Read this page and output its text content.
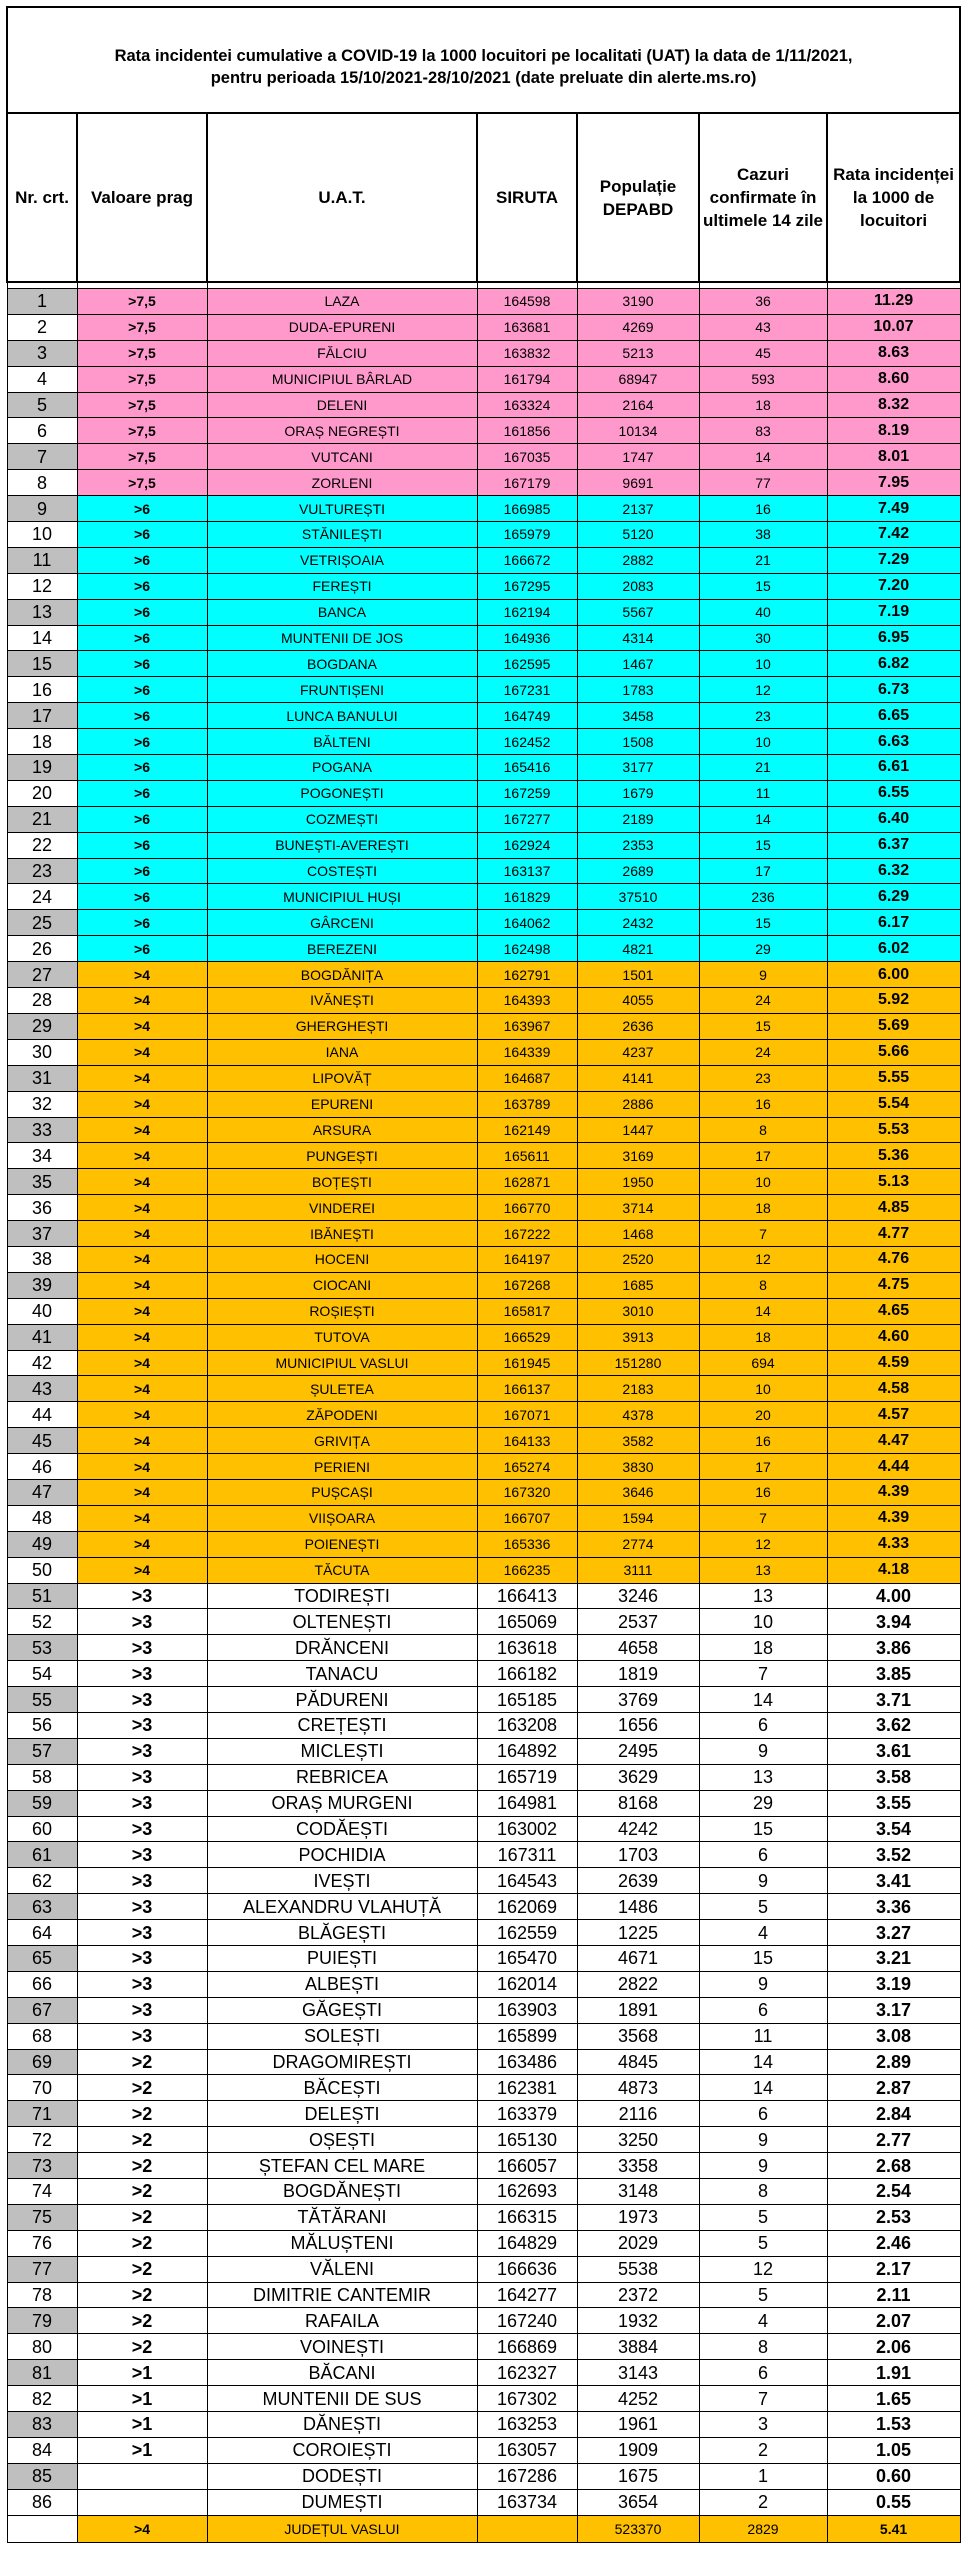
Rata incidentei cumulative a COVID-19 la 1000 locuitori pe localitati (UAT) la data de 1/11/2021,
pentru perioada 15/10/2021-28/10/2021 (date preluate din alerte.ms.ro)						

Nr. crt.	Valoare prag	U.A.T.	SIRUTA	Populație DEPABD	Cazuri confirmate în ultimele 14 zile	Rata incidenței la 1000 de locuitori

1	>7,5	LAZA	164598	3190	36	11.29
2	>7,5	DUDA-EPURENI	163681	4269	43	10.07
3	>7,5	FĂLCIU	163832	5213	45	8.63
4	>7,5	MUNICIPIUL BÂRLAD	161794	68947	593	8.60
5	>7,5	DELENI	163324	2164	18	8.32
6	>7,5	ORAȘ NEGREȘTI	161856	10134	83	8.19
7	>7,5	VUTCANI	167035	1747	14	8.01
8	>7,5	ZORLENI	167179	9691	77	7.95
9	>6	VULTUREȘTI	166985	2137	16	7.49
10	>6	STĂNILEȘTI	165979	5120	38	7.42
11	>6	VETRIȘOAIA	166672	2882	21	7.29
12	>6	FEREȘTI	167295	2083	15	7.20
13	>6	BANCA	162194	5567	40	7.19
14	>6	MUNTENII DE JOS	164936	4314	30	6.95
15	>6	BOGDANA	162595	1467	10	6.82
16	>6	FRUNTIȘENI	167231	1783	12	6.73
17	>6	LUNCA BANULUI	164749	3458	23	6.65
18	>6	BĂLTENI	162452	1508	10	6.63
19	>6	POGANA	165416	3177	21	6.61
20	>6	POGONEȘTI	167259	1679	11	6.55
21	>6	COZMEȘTI	167277	2189	14	6.40
22	>6	BUNEȘTI-AVEREȘTI	162924	2353	15	6.37
23	>6	COSTEȘTI	163137	2689	17	6.32
24	>6	MUNICIPIUL HUȘI	161829	37510	236	6.29
25	>6	GÂRCENI	164062	2432	15	6.17
26	>6	BEREZENI	162498	4821	29	6.02
27	>4	BOGDĂNIȚA	162791	1501	9	6.00
28	>4	IVĂNEȘTI	164393	4055	24	5.92
29	>4	GHERGHEȘTI	163967	2636	15	5.69
30	>4	IANA	164339	4237	24	5.66
31	>4	LIPOVĂȚ	164687	4141	23	5.55
32	>4	EPURENI	163789	2886	16	5.54
33	>4	ARSURA	162149	1447	8	5.53
34	>4	PUNGEȘTI	165611	3169	17	5.36
35	>4	BOȚEȘTI	162871	1950	10	5.13
36	>4	VINDEREI	166770	3714	18	4.85
37	>4	IBĂNEȘTI	167222	1468	7	4.77
38	>4	HOCENI	164197	2520	12	4.76
39	>4	CIOCANI	167268	1685	8	4.75
40	>4	ROȘIEȘTI	165817	3010	14	4.65
41	>4	TUTOVA	166529	3913	18	4.60
42	>4	MUNICIPIUL VASLUI	161945	151280	694	4.59
43	>4	ȘULETEA	166137	2183	10	4.58
44	>4	ZĂPODENI	167071	4378	20	4.57
45	>4	GRIVIȚA	164133	3582	16	4.47
46	>4	PERIENI	165274	3830	17	4.44
47	>4	PUȘCAȘI	167320	3646	16	4.39
48	>4	VIIȘOARA	166707	1594	7	4.39
49	>4	POIENEȘTI	165336	2774	12	4.33
50	>4	TĂCUTA	166235	3111	13	4.18
51	>3	TODIREȘTI	166413	3246	13	4.00
52	>3	OLTENEȘTI	165069	2537	10	3.94
53	>3	DRĂNCENI	163618	4658	18	3.86
54	>3	TANACU	166182	1819	7	3.85
55	>3	PĂDURENI	165185	3769	14	3.71
56	>3	CREȚEȘTI	163208	1656	6	3.62
57	>3	MICLEȘTI	164892	2495	9	3.61
58	>3	REBRICEA	165719	3629	13	3.58
59	>3	ORAȘ MURGENI	164981	8168	29	3.55
60	>3	CODĂEȘTI	163002	4242	15	3.54
61	>3	POCHIDIA	167311	1703	6	3.52
62	>3	IVEȘTI	164543	2639	9	3.41
63	>3	ALEXANDRU VLAHUȚĂ	162069	1486	5	3.36
64	>3	BLĂGEȘTI	162559	1225	4	3.27
65	>3	PUIEȘTI	165470	4671	15	3.21
66	>3	ALBEȘTI	162014	2822	9	3.19
67	>3	GĂGEȘTI	163903	1891	6	3.17
68	>3	SOLEȘTI	165899	3568	11	3.08
69	>2	DRAGOMIREȘTI	163486	4845	14	2.89
70	>2	BĂCEȘTI	162381	4873	14	2.87
71	>2	DELEȘTI	163379	2116	6	2.84
72	>2	OȘEȘTI	165130	3250	9	2.77
73	>2	ȘTEFAN CEL MARE	166057	3358	9	2.68
74	>2	BOGDĂNEȘTI	162693	3148	8	2.54
75	>2	TĂTĂRANI	166315	1973	5	2.53
76	>2	MĂLUȘTENI	164829	2029	5	2.46
77	>2	VĂLENI	166636	5538	12	2.17
78	>2	DIMITRIE CANTEMIR	164277	2372	5	2.11
79	>2	RAFAILA	167240	1932	4	2.07
80	>2	VOINEȘTI	166869	3884	8	2.06
81	>1	BĂCANI	162327	3143	6	1.91
82	>1	MUNTENII DE SUS	167302	4252	7	1.65
83	>1	DĂNEȘTI	163253	1961	3	1.53
84	>1	COROIEȘTI	163057	1909	2	1.05
85		DODEȘTI	167286	1675	1	0.60
86		DUMEȘTI	163734	3654	2	0.55
	>4	JUDEȚUL VASLUI		523370	2829	5.41
